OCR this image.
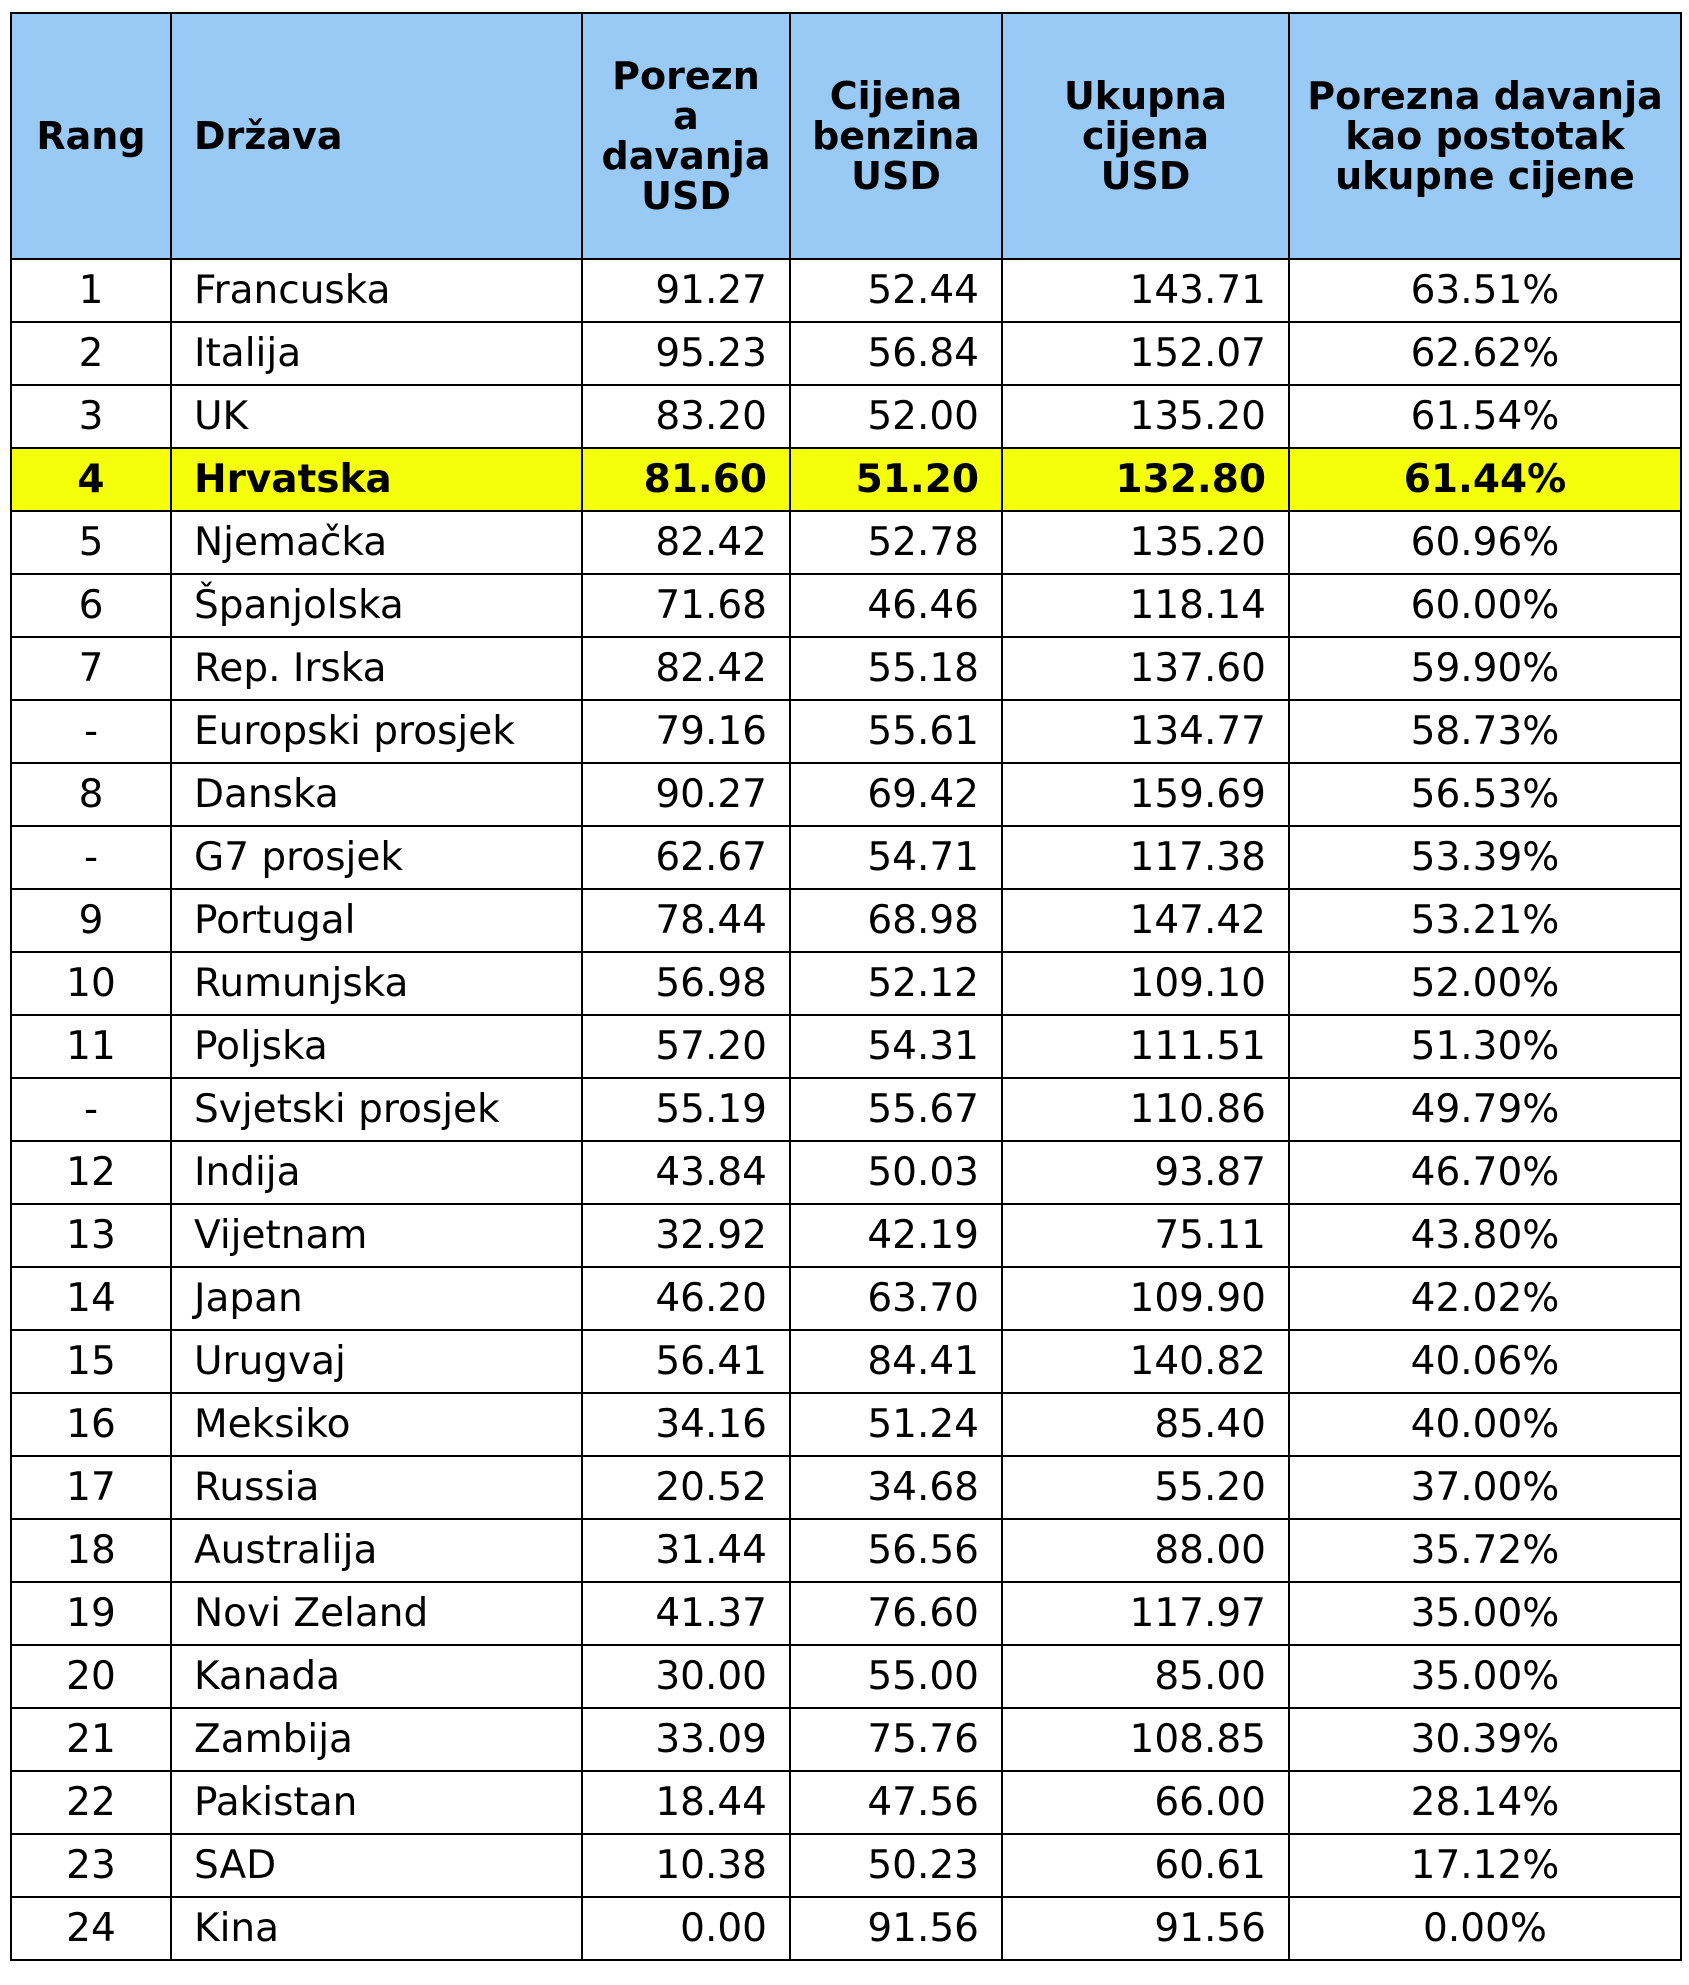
Rang	Država	Porezn
a
davanja
USD	Cijena
benzina
USD	Ukupna
cijena
USD	Porezna davanja
kao postotak
ukupne cijene
1	Francuska	91.27	52.44	143.71	63.51%
2	Italija	95.23	56.84	152.07	62.62%
3	UK	83.20	52.00	135.20	61.54%
4	Hrvatska	81.60	51.20	132.80	61.44%
5	Njemačka	82.42	52.78	135.20	60.96%
6	Španjolska	71.68	46.46	118.14	60.00%
7	Rep. Irska	82.42	55.18	137.60	59.90%
-	Europski prosjek	79.16	55.61	134.77	58.73%
8	Danska	90.27	69.42	159.69	56.53%
-	G7 prosjek	62.67	54.71	117.38	53.39%
9	Portugal	78.44	68.98	147.42	53.21%
10	Rumunjska	56.98	52.12	109.10	52.00%
11	Poljska	57.20	54.31	111.51	51.30%
-	Svjetski prosjek	55.19	55.67	110.86	49.79%
12	Indija	43.84	50.03	93.87	46.70%
13	Vijetnam	32.92	42.19	75.11	43.80%
14	Japan	46.20	63.70	109.90	42.02%
15	Urugvaj	56.41	84.41	140.82	40.06%
16	Meksiko	34.16	51.24	85.40	40.00%
17	Russia	20.52	34.68	55.20	37.00%
18	Australija	31.44	56.56	88.00	35.72%
19	Novi Zeland	41.37	76.60	117.97	35.00%
20	Kanada	30.00	55.00	85.00	35.00%
21	Zambija	33.09	75.76	108.85	30.39%
22	Pakistan	18.44	47.56	66.00	28.14%
23	SAD	10.38	50.23	60.61	17.12%
24	Kina	0.00	91.56	91.56	0.00%
